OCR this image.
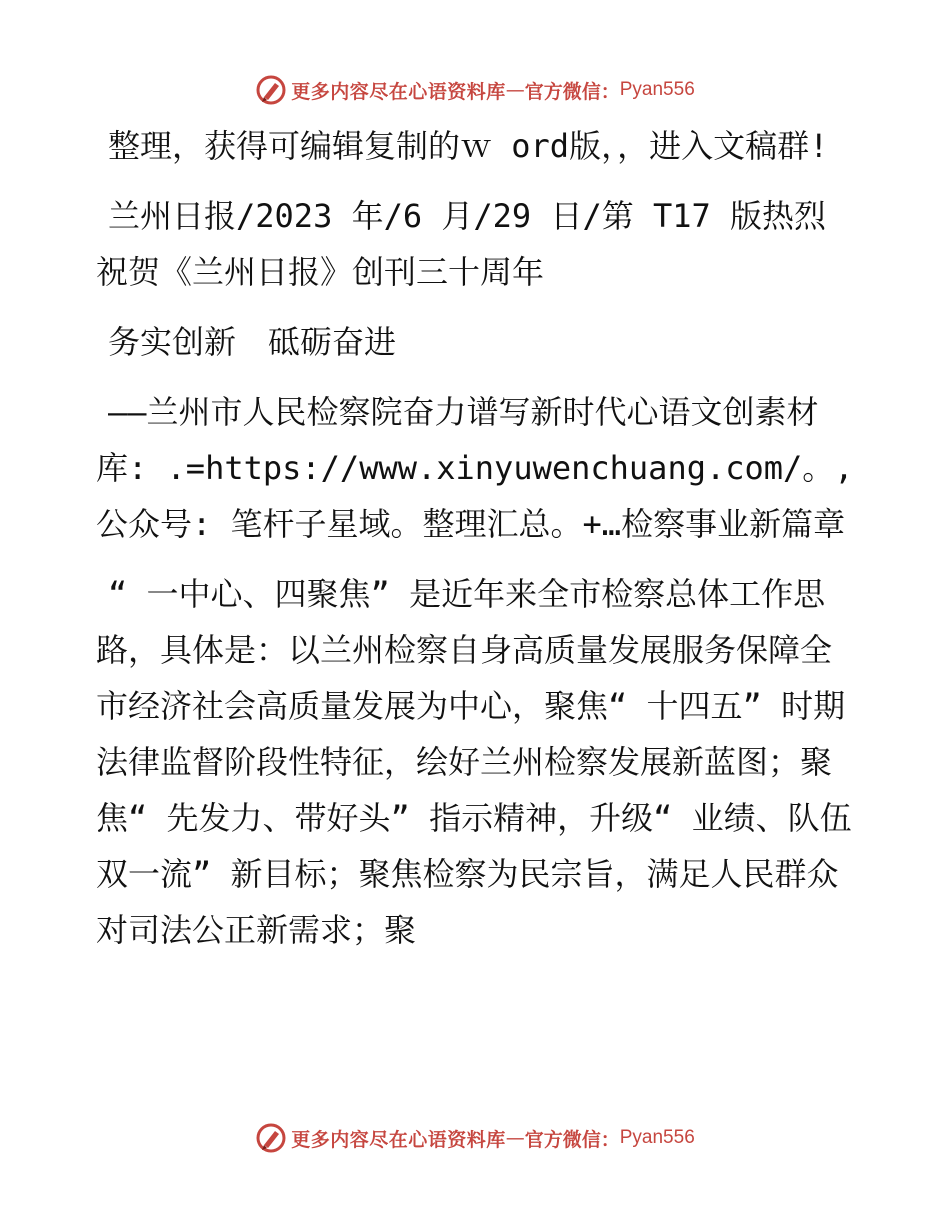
更多内容尽在心语资料库 — 官方微信： Pyan556

整理，获得可编辑复制的ｗ ord版，，进入文稿群!

兰州日报/2023 年/6 月/29 日/第 T17 版热烈祝贺《兰州日报》创刊三十周年

务实创新　砥砺奋进

——兰州市人民检察院奋力谱写新时代心语文创素材库: .=https://www.xinyuwenchuang.com/。,公众号: 笔杆子星域。整理汇总。+…检察事业新篇章

“ 一中心、四聚焦” 是近年来全市检察总体工作思路，具体是：以兰州检察自身高质量发展服务保障全市经济社会高质量发展为中心，聚焦“ 十四五” 时期法律监督阶段性特征，绘好兰州检察发展新蓝图；聚焦“ 先发力、带好头” 指示精神，升级“ 业绩、队伍双一流” 新目标；聚焦检察为民宗旨，满足人民群众对司法公正新需求；聚

更多内容尽在心语资料库 — 官方微信： Pyan556
